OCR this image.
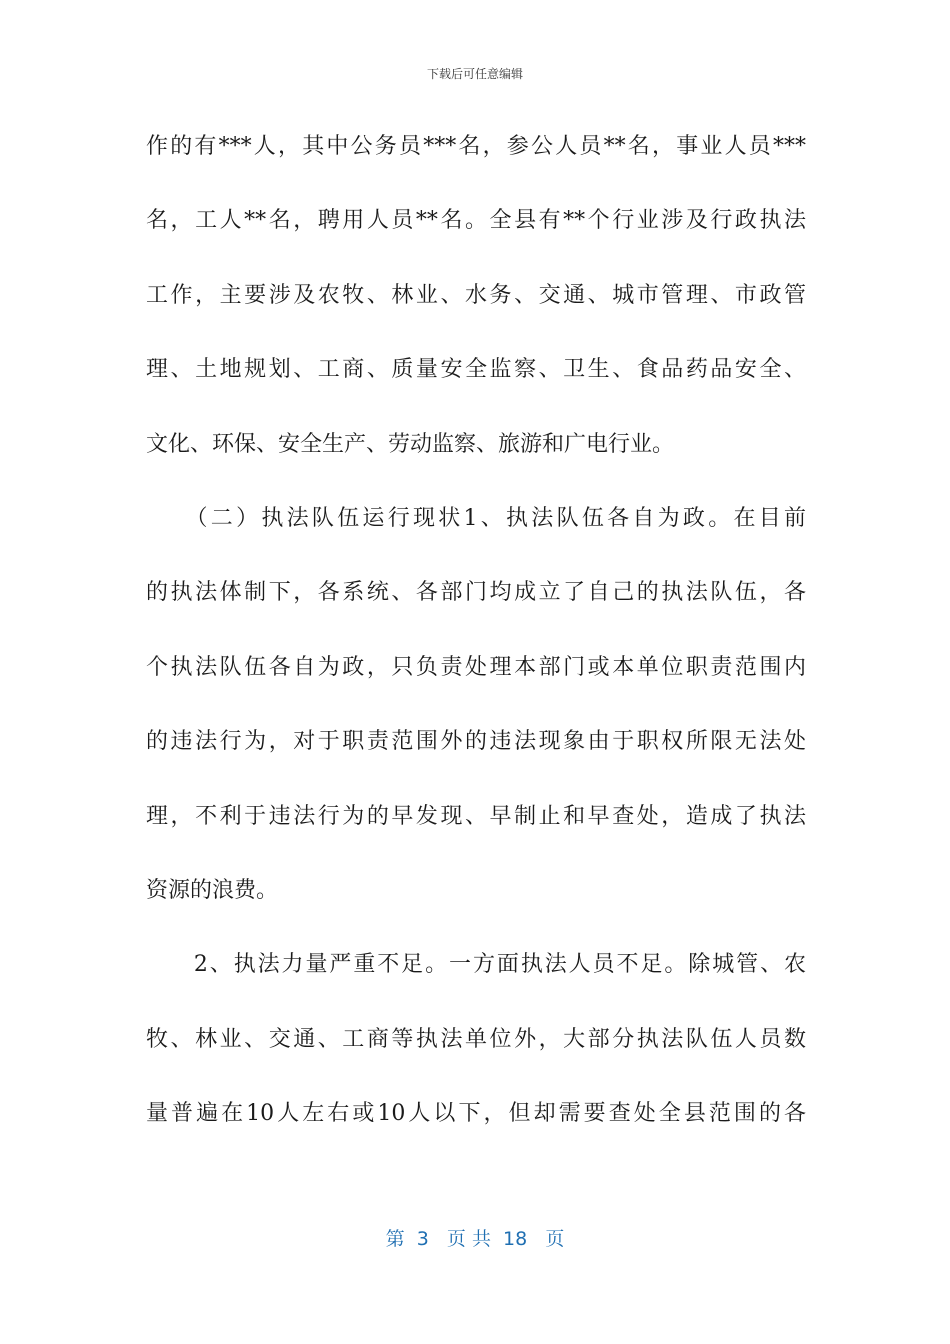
下载后可任意编辑
作的有***人，其中公务员***名，参公人员**名，事业人员***
名，工人**名，聘用人员**名。全县有**个行业涉及行政执法
工作，主要涉及农牧、林业、水务、交通、城市管理、市政管
理、土地规划、工商、质量安全监察、卫生、食品药品安全、
文化、环保、安全生产、劳动监察、旅游和广电行业。
　　（二）执法队伍运行现状1、执法队伍各自为政。在目前
的执法体制下，各系统、各部门均成立了自己的执法队伍，各
个执法队伍各自为政，只负责处理本部门或本单位职责范围内
的违法行为，对于职责范围外的违法现象由于职权所限无法处
理，不利于违法行为的早发现、早制止和早查处，造成了执法
资源的浪费。
　　2、执法力量严重不足。一方面执法人员不足。除城管、农
牧、林业、交通、工商等执法单位外，大部分执法队伍人员数
量普遍在10人左右或10人以下，但却需要查处全县范围的各
第  3   页 共  18   页
